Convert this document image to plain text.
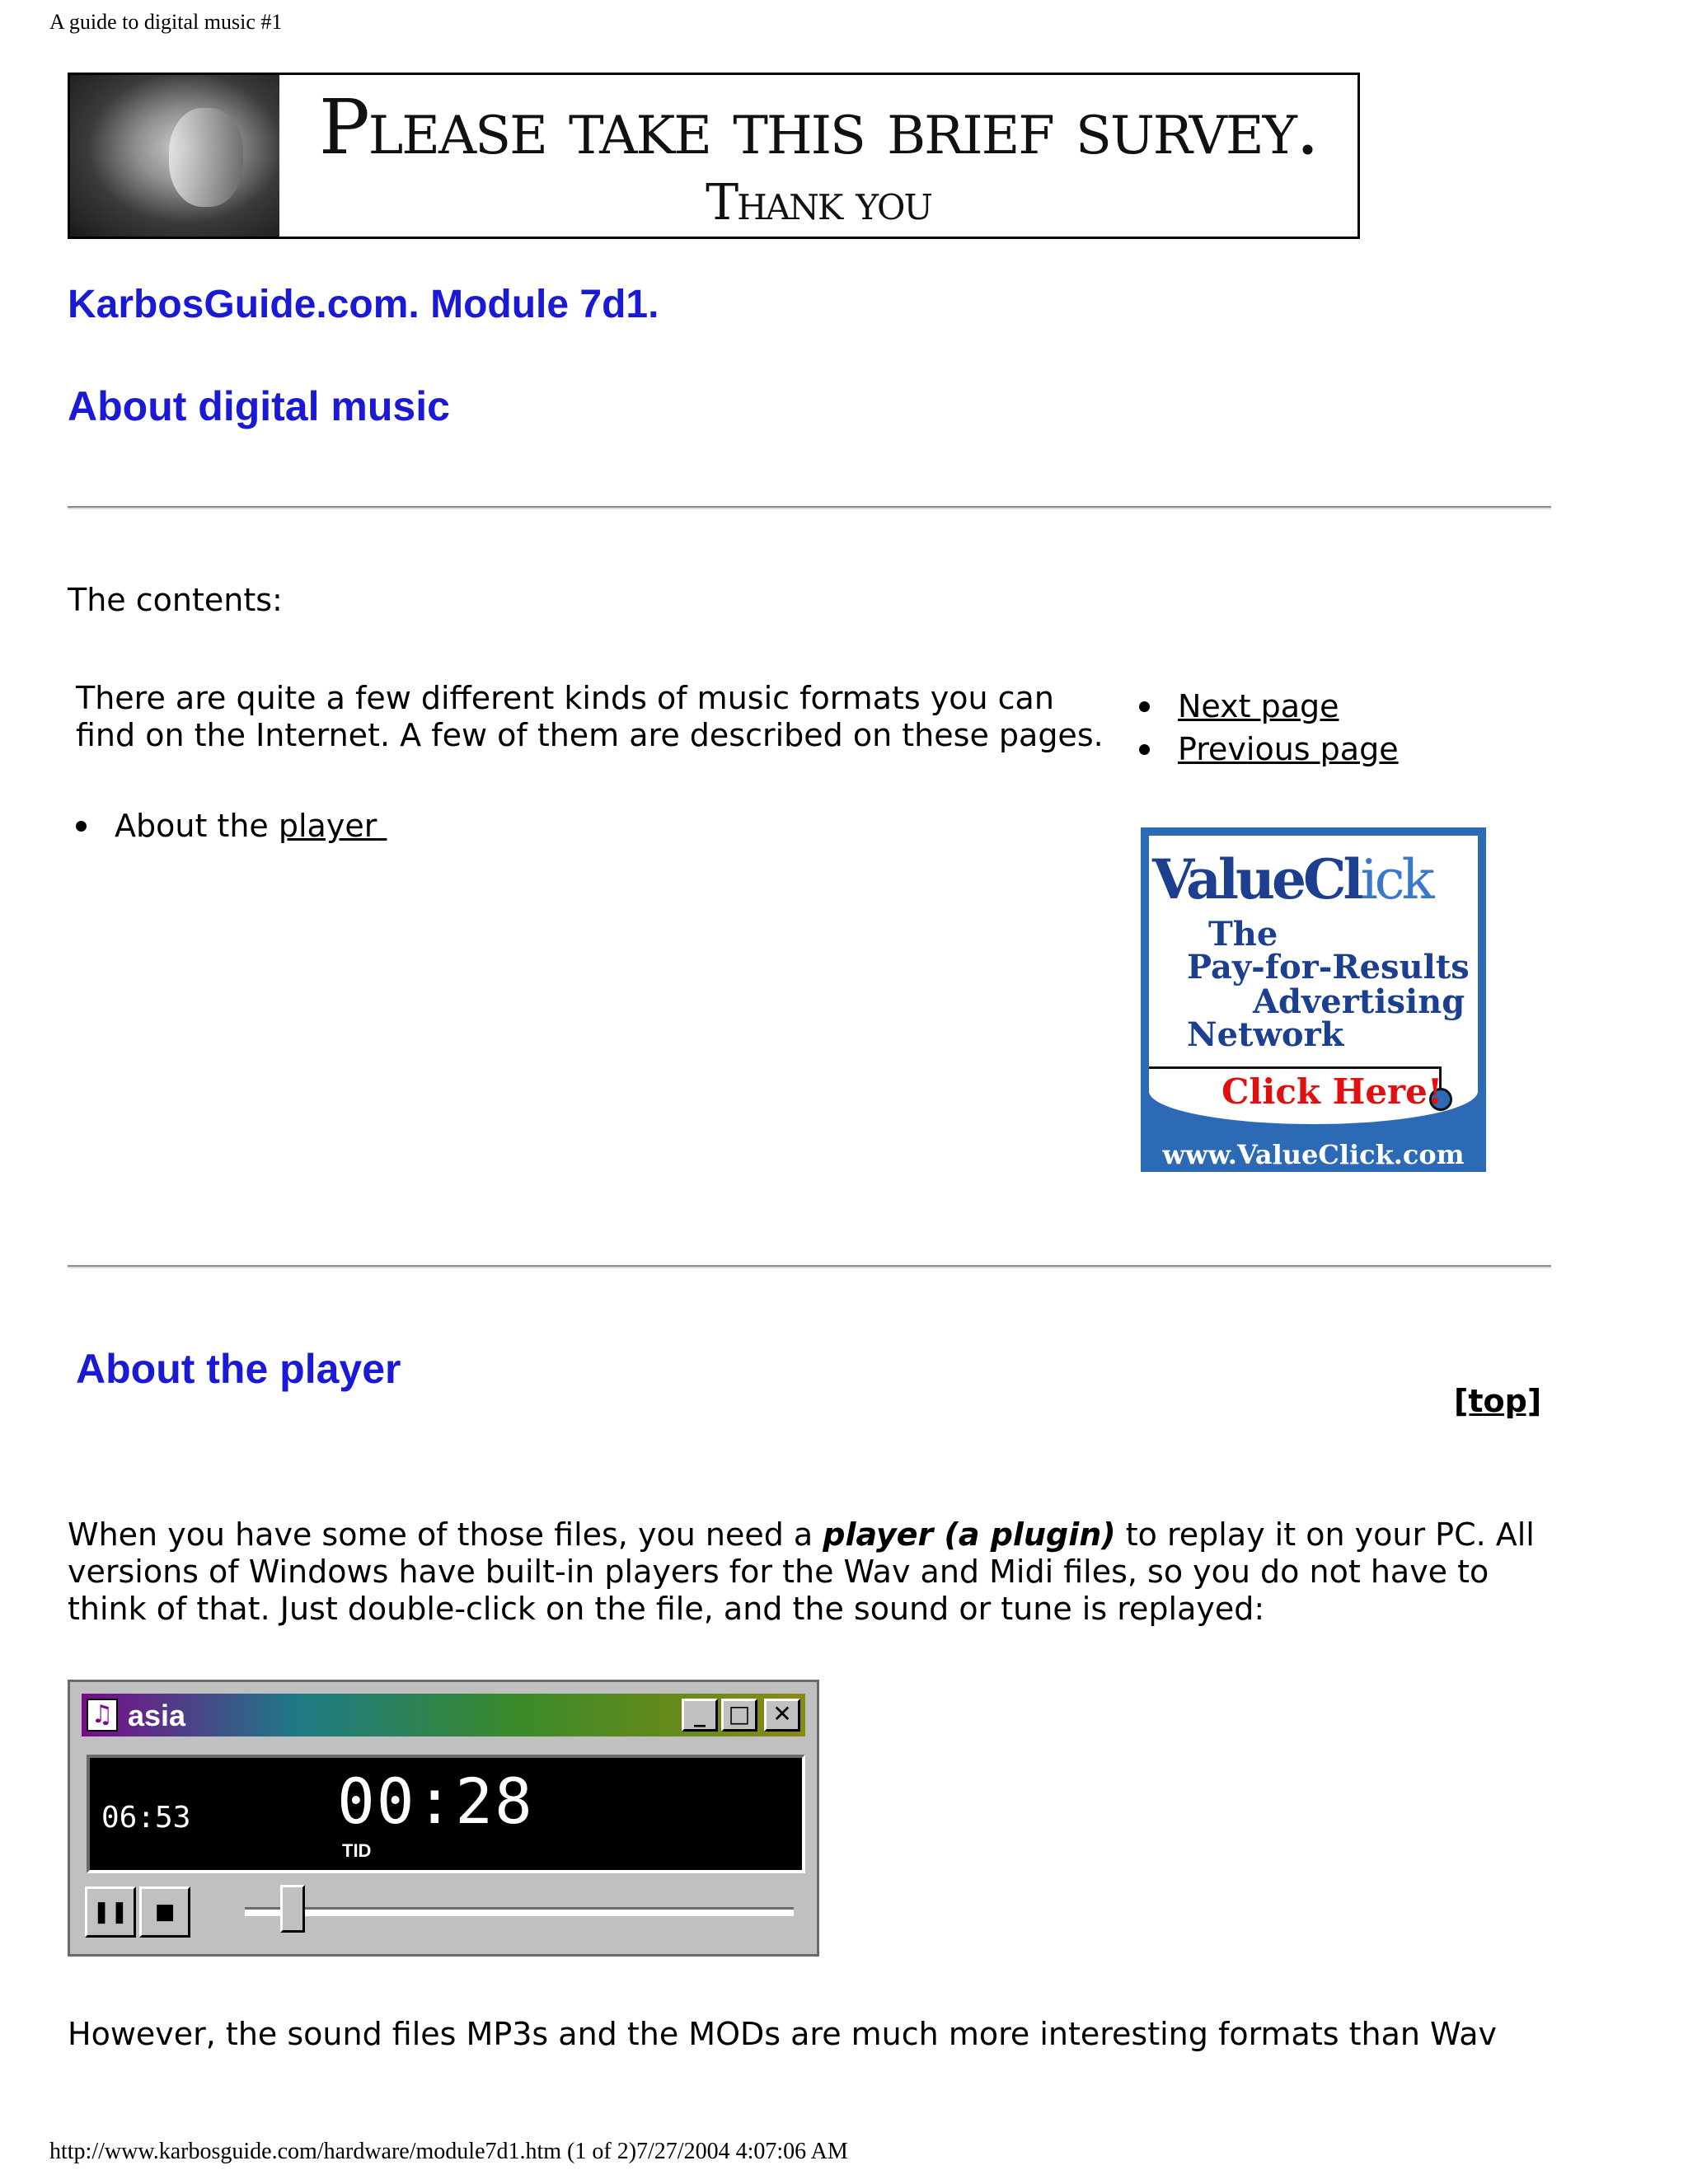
A guide to digital music #1
Please take this brief survey.
Thank you
KarbosGuide.com. Module 7d1.
About digital music
The contents:
There are quite a few different kinds of music formats you can find on the Internet. A few of them are described on these pages.
About the player

Next page
Previous page
ValueClick
The
Pay-for-Results
Advertising
Network
Click Here!
www.ValueClick.com
About the player
[top]
When you have some of those files, you need a player (a plugin) to replay it on your PC. All versions of Windows have built-in players for the Wav and Midi files, so you do not have to think of that. Just double-click on the file, and the sound or tune is replayed:
♫ asia	_ □ ✕
06:53 00:28
TID
❚❚	■
However, the sound files MP3s and the MODs are much more interesting formats than Wav
http://www.karbosguide.com/hardware/module7d1.htm (1 of 2)7/27/2004 4:07:06 AM
